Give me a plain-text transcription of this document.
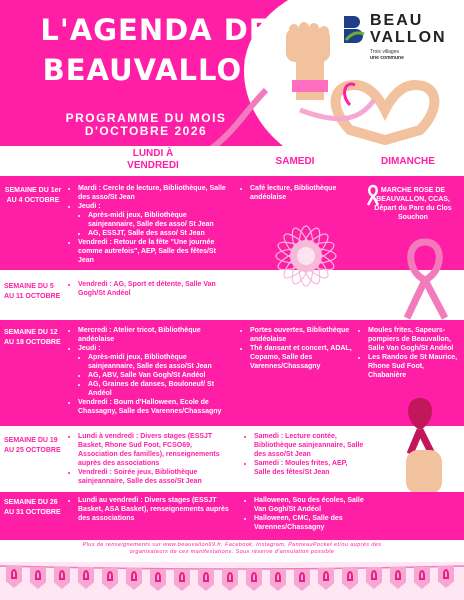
L'AGENDA DE
BEAUVALLON
PROGRAMME DU MOIS
D'OCTOBRE 2026
BEAU
VALLON
Trois villages
une commune
LUNDI À
VENDREDI	SAMEDI	DIMANCHE
SEMAINE DU 1er AU 4 OCTOBRE
• Mardi : Cercle de lecture, Bibliothèque, Salle des asso/St Jean
• Jeudi :
• Après-midi jeux, Bibliothèque sainjeannaire, Salle des asso/ St Jean
• AG, ESSJT, Salle des asso/ St Jean
• Vendredi : Retour de la fête "Une journée comme autrefois", AEP, Salle des fêtes/St Jean
• Café lecture, Bibliothèque andéolaise
MARCHE ROSE DE BEAUVALLON, CCAS, Départ du Parc du Clos Souchon
SEMAINE DU 5 AU 11 OCTOBRE
• Vendredi : AG, Sport et détente, Salle Van Gogh/St Andéol
SEMAINE DU 12 AU 18 OCTOBRE
• Mercredi : Atelier tricot, Bibliothèque andéolaise
• Jeudi :
• Après-midi jeux, Bibliothèque sainjeannaire, Salle des asso/St Jean
• AG, ABV, Salle Van Gogh/St Andéol
• AG, Graines de danses, Bouloneuf/ St Andéol
• Vendredi : Boum d'Halloween, Ecole de Chassagny, Salle des Varennes/Chassagny
• Portes ouvertes, Bibliothèque andéolaise
• Thé dansant et concert, ADAL, Copamo, Salle des Varennes/Chassagny
• Moules frites, Sapeurs-pompiers de Beauvallon, Salle Van Gogh/St Andéol
• Les Randos de St Maurice, Rhone Sud Foot, Chabanière
SEMAINE DU 19 AU 25 OCTOBRE
• Lundi à vendredi : Divers stages (ESSJT Basket, Rhone Sud Foot, FCSO69, Association des familles), renseignements auprès des associations
• Vendredi : Soirée jeux, Bibliothèque sainjeannaire, Salle des asso/St Jean
• Samedi : Lecture contée, Bibliothèque sainjeannaire, Salle des asso/St Jean
• Samedi : Moules frites, AEP, Salle des fêtes/St Jean
SEMAINE DU 26 AU 31 OCTOBRE
• Lundi au vendredi : Divers stages (ESSJT Basket, ASA Basket), renseignements auprès des associations
• Halloween, Sou des écoles, Salle Van Gogh/St Andéol
• Halloween, CMC, Salle des Varennes/Chassagny
Plus de renseignements sur www.beauvallon69.fr, Facebook, Instagram, PanneauPocket et/ou auprès des
organisateurs de ces manifestations. Sous réserve d'annulation possible
